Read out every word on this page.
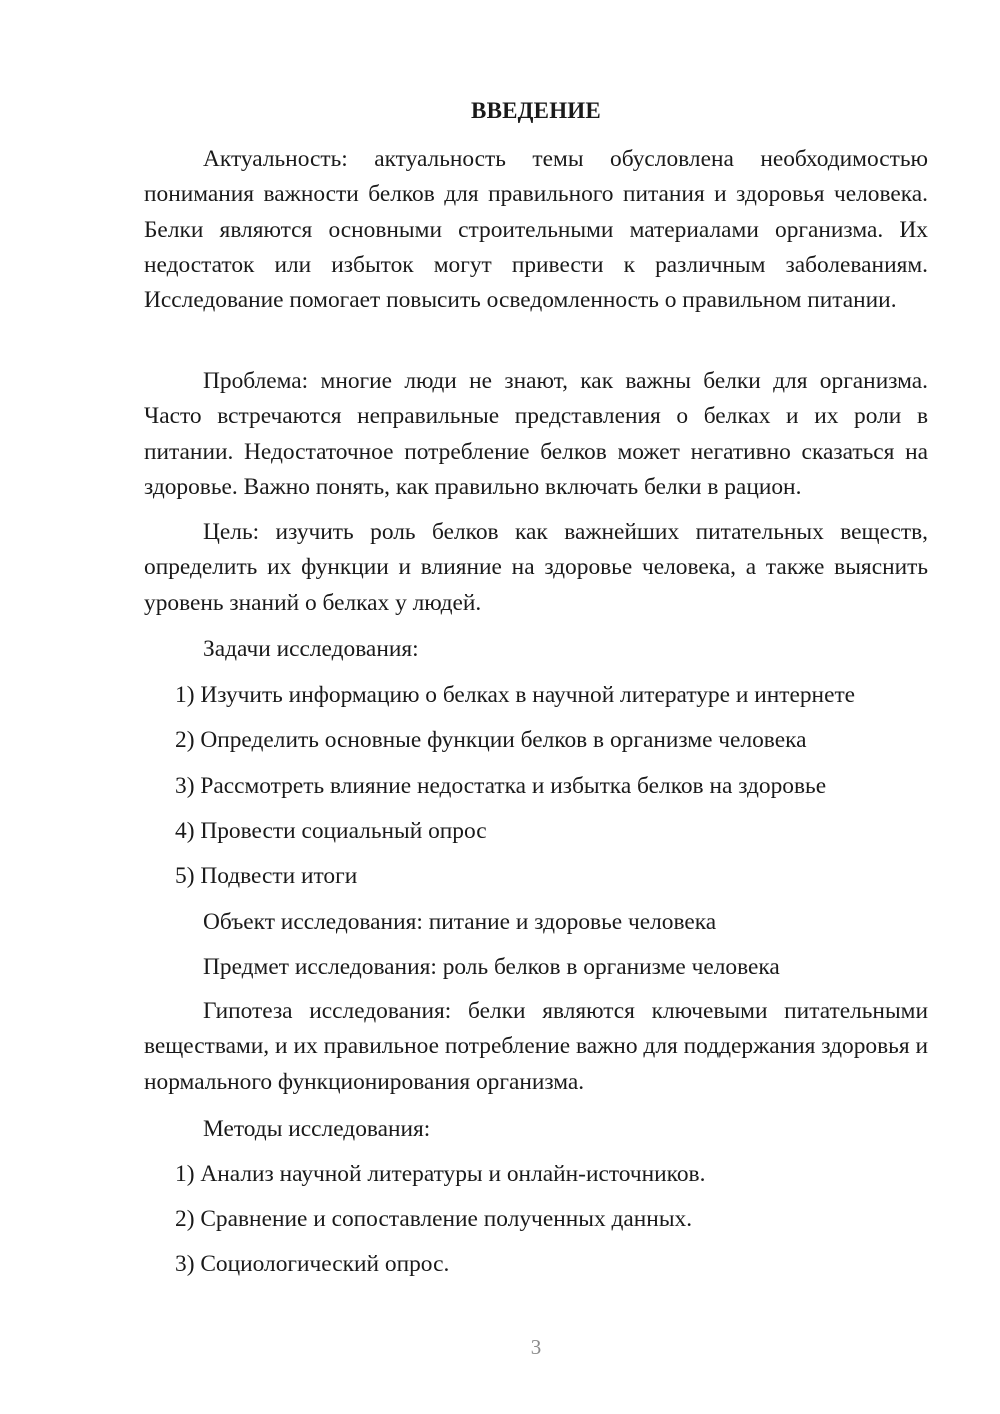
ВВЕДЕНИЕ

Актуальность: актуальность темы обусловлена необходимостью понимания важности белков для правильного питания и здоровья человека. Белки являются основными строительными материалами организма. Их недостаток или избыток могут привести к различным заболеваниям. Исследование помогает повысить осведомленность о правильном питании.

Проблема: многие люди не знают, как важны белки для организма. Часто встречаются неправильные представления о белках и их роли в питании. Недостаточное потребление белков может негативно сказаться на здоровье. Важно понять, как правильно включать белки в рацион.

Цель: изучить роль белков как важнейших питательных веществ, определить их функции и влияние на здоровье человека, а также выяснить уровень знаний о белках у людей.

Задачи исследования:
1) Изучить информацию о белках в научной литературе и интернете
2) Определить основные функции белков в организме человека
3) Рассмотреть влияние недостатка и избытка белков на здоровье
4) Провести социальный опрос
5) Подвести итоги
Объект исследования: питание и здоровье человека
Предмет исследования: роль белков в организме человека

Гипотеза исследования: белки являются ключевыми питательными веществами, и их правильное потребление важно для поддержания здоровья и нормального функционирования организма.

Методы исследования:
1) Анализ научной литературы и онлайн-источников.
2) Сравнение и сопоставление полученных данных.
3) Социологический опрос.
3
